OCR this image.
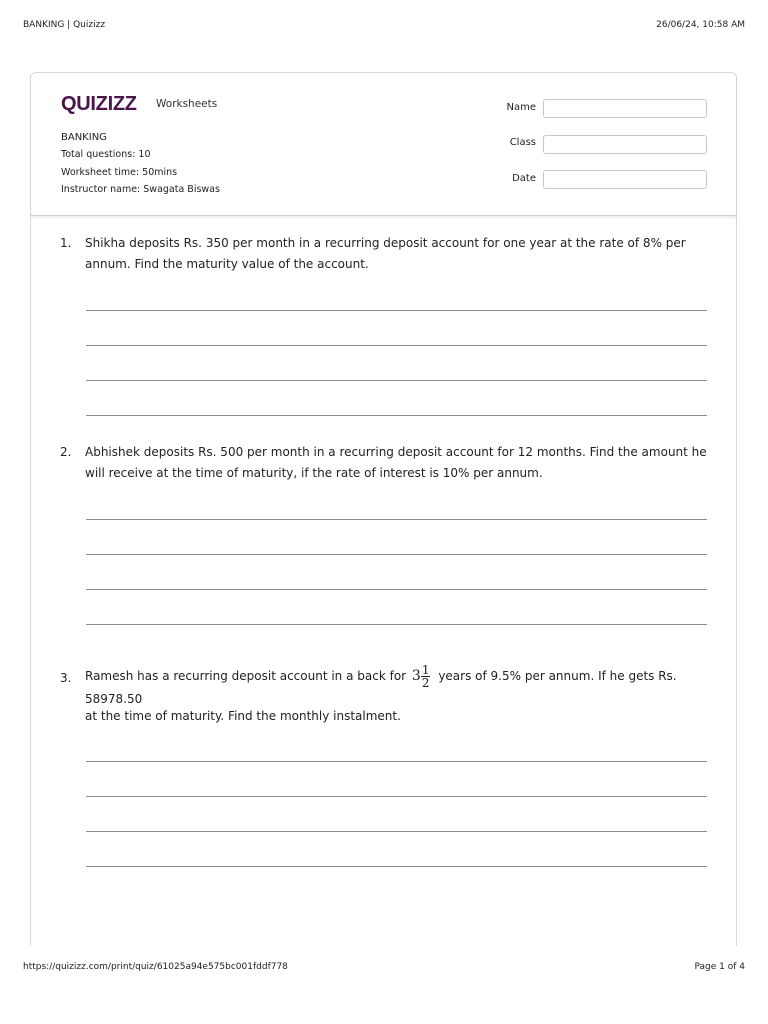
BANKING | Quizizz	26/06/24, 10:58 AM
QUIZIZZ Worksheets
BANKING
Total questions: 10
Worksheet time: 50mins
Instructor name: Swagata Biswas
Name
Class
Date
1. Shikha deposits Rs. 350 per month in a recurring deposit account for one year at the rate of 8% per annum. Find the maturity value of the account.
2. Abhishek deposits Rs. 500 per month in a recurring deposit account for 12 months. Find the amount he will receive at the time of maturity, if the rate of interest is 10% per annum.
3. Ramesh has a recurring deposit account in a back for $3 \frac{1}{2}$ years of 9.5% per annum. If he gets Rs. 58978.50
at the time of maturity. Find the monthly instalment.
https://quizizz.com/print/quiz/61025a94e575bc001fddf778	Page 1 of 4
